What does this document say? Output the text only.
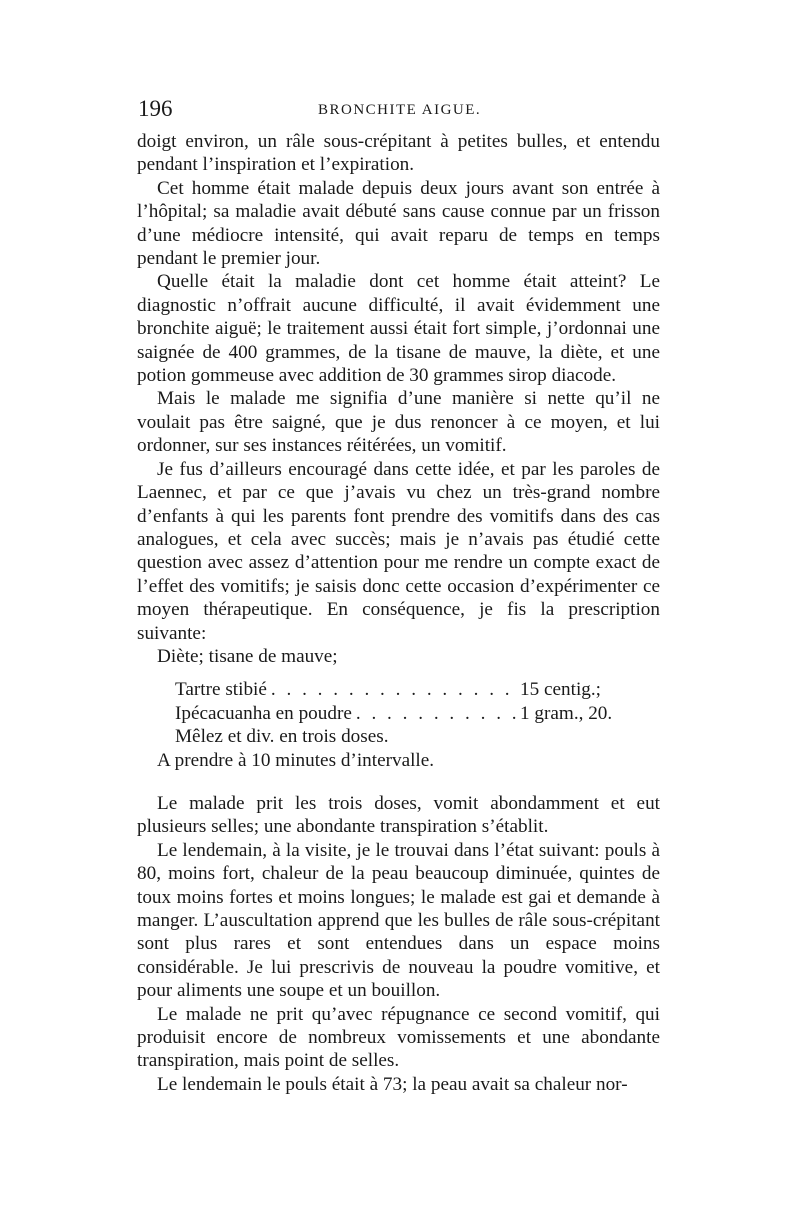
196	BRONCHITE AIGUE.

doigt environ, un râle sous-crépitant à petites bulles, et entendu pendant l’inspiration et l’expiration.

Cet homme était malade depuis deux jours avant son entrée à l’hôpital; sa maladie avait débuté sans cause connue par un frisson d’une médiocre intensité, qui avait reparu de temps en temps pendant le premier jour.

Quelle était la maladie dont cet homme était atteint? Le diagnostic n’offrait aucune difficulté, il avait évidemment une bronchite aiguë; le traitement aussi était fort simple, j’ordonnai une saignée de 400 grammes, de la tisane de mauve, la diète, et une potion gommeuse avec addition de 30 grammes sirop diacode.

Mais le malade me signifia d’une manière si nette qu’il ne voulait pas être saigné, que je dus renoncer à ce moyen, et lui ordonner, sur ses instances réitérées, un vomitif.

Je fus d’ailleurs encouragé dans cette idée, et par les paroles de Laennec, et par ce que j’avais vu chez un très-grand nombre d’enfants à qui les parents font prendre des vomitifs dans des cas analogues, et cela avec succès; mais je n’avais pas étudié cette question avec assez d’attention pour me rendre un compte exact de l’effet des vomitifs; je saisis donc cette occasion d’expérimenter ce moyen thérapeutique. En conséquence, je fis la prescription suivante:

Diète; tisane de mauve;

Tartre stibié . . .	15 centig.;
Ipécacuanha en poudre . . .	1 gram., 20.
Mêlez et div. en trois doses.
A prendre à 10 minutes d’intervalle.

Le malade prit les trois doses, vomit abondamment et eut plusieurs selles; une abondante transpiration s’établit.

Le lendemain, à la visite, je le trouvai dans l’état suivant: pouls à 80, moins fort, chaleur de la peau beaucoup diminuée, quintes de toux moins fortes et moins longues; le malade est gai et demande à manger. L’auscultation apprend que les bulles de râle sous-crépitant sont plus rares et sont entendues dans un espace moins considérable. Je lui prescrivis de nouveau la poudre vomitive, et pour aliments une soupe et un bouillon.

Le malade ne prit qu’avec répugnance ce second vomitif, qui produisit encore de nombreux vomissements et une abondante transpiration, mais point de selles.

Le lendemain le pouls était à 73; la peau avait sa chaleur nor-
